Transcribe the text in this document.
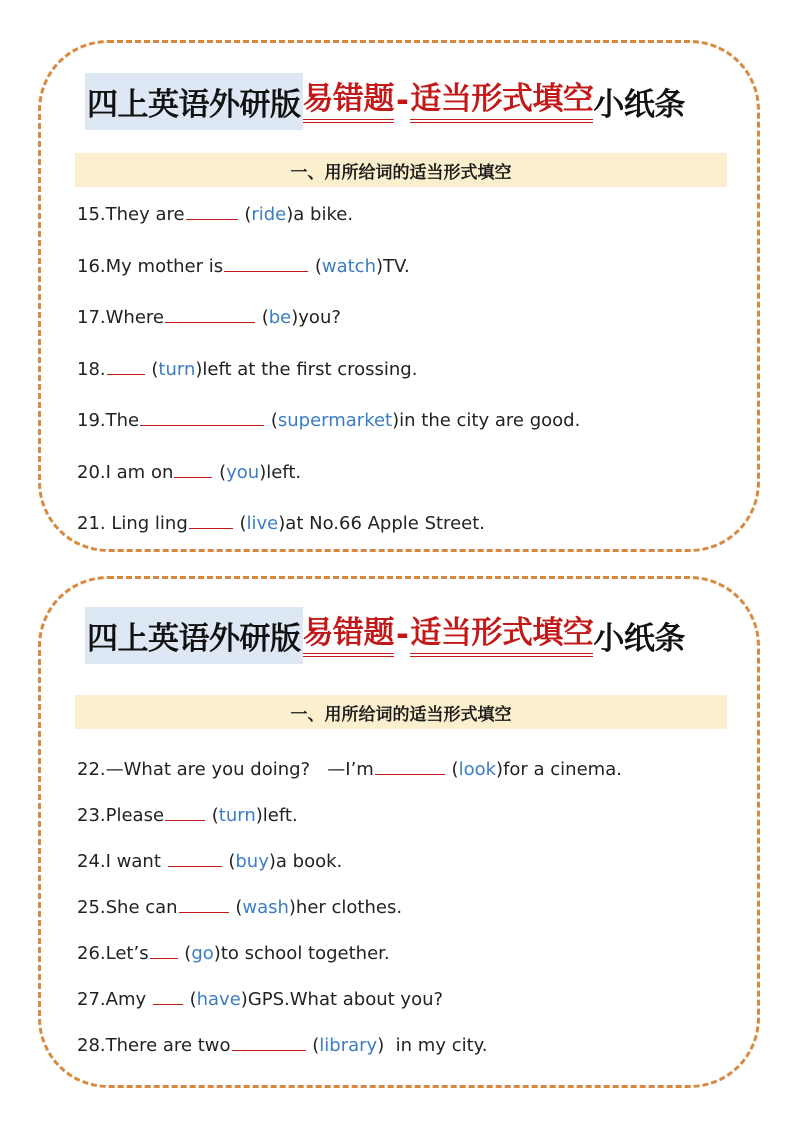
四上英语外研版 易错题 - 适当形式填空 小纸条
一、用所给词的适当形式填空
15.They are	( ride ) a bike.
16.My mother is	( watch ) TV.
17.Where	( be ) you?
18. ( turn ) left at the first crossing.
19.The	( supermarket ) in the city are good.
20.I am on ( you ) left.
21. Ling ling	( live ) at No.66 Apple Street.
四上英语外研版 易错题 - 适当形式填空 小纸条
一、用所给词的适当形式填空
22.—What are you doing?   —I’m	( look ) for a cinema.
23.Please ( turn ) left.
24.I want	( buy ) a book.
25.She can	( wash ) her clothes.
26.Let’s ( go ) to school together.
27.Amy ( have ) GPS.What about you?
28.There are two	( library ) in my city.
